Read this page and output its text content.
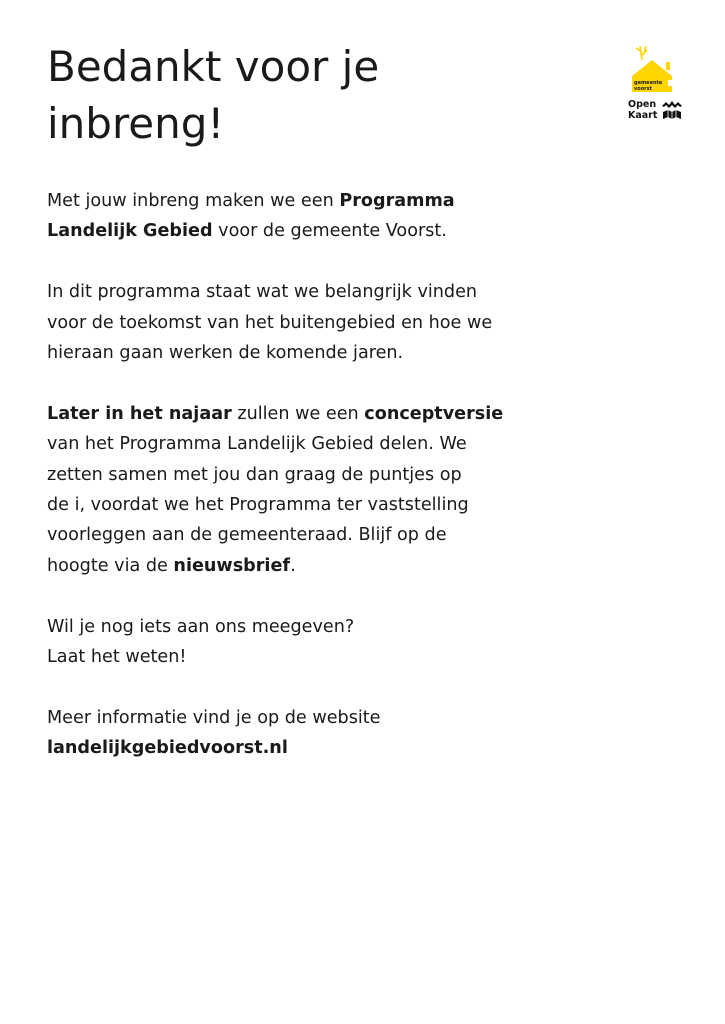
Bedankt voor je
inbreng!
gemeente
voorst
Open
Kaart

Met jouw inbreng maken we een Programma
Landelijk Gebied voor de gemeente Voorst.

In dit programma staat wat we belangrijk vinden
voor de toekomst van het buitengebied en hoe we
hieraan gaan werken de komende jaren.

Later in het najaar zullen we een conceptversie
van het Programma Landelijk Gebied delen. We
zetten samen met jou dan graag de puntjes op
de i, voordat we het Programma ter vaststelling
voorleggen aan de gemeenteraad. Blijf op de
hoogte via de nieuwsbrief.

Wil je nog iets aan ons meegeven?
Laat het weten!

Meer informatie vind je op de website
landelijkgebiedvoorst.nl
